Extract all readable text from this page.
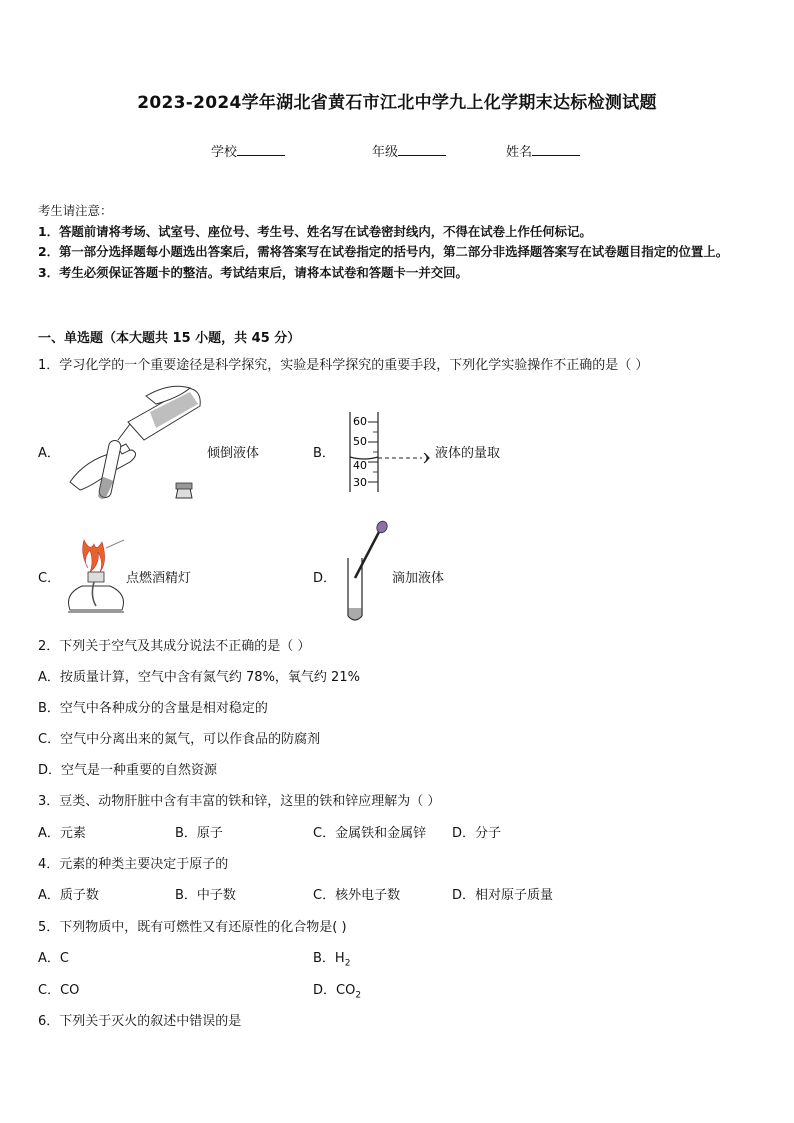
2023-2024学年湖北省黄石市江北中学九上化学期末达标检测试题
学校	年级	姓名
考生请注意：
1．答题前请将考场、试室号、座位号、考生号、姓名写在试卷密封线内，不得在试卷上作任何标记。
2．第一部分选择题每小题选出答案后，需将答案写在试卷指定的括号内，第二部分非选择题答案写在试卷题目指定的位置上。
3．考生必须保证答题卡的整洁。考试结束后，请将本试卷和答题卡一并交回。
一、单选题（本大题共 15 小题，共 45 分）
1．学习化学的一个重要途径是科学探究，实验是科学探究的重要手段，下列化学实验操作不正确的是（ ）
A．	倾倒液体	B．
60
50
40
30
液体的量取
C．	点燃酒精灯	D．	滴加液体
2．下列关于空气及其成分说法不正确的是（ ）
A．按质量计算，空气中含有氮气约 78%，氧气约 21%
B．空气中各种成分的含量是相对稳定的
C．空气中分离出来的氮气，可以作食品的防腐剂
D．空气是一种重要的自然资源
3．豆类、动物肝脏中含有丰富的铁和锌，这里的铁和锌应理解为（ ）
A．元素	B．原子	C．金属铁和金属锌 D．分子
4．元素的种类主要决定于原子的
A．质子数	B．中子数	C．核外电子数	D．相对原子质量
5．下列物质中，既有可燃性又有还原性的化合物是( )
A．C	B．$H_2$
C．CO	D．$CO_2$
6．下列关于灭火的叙述中错误的是
